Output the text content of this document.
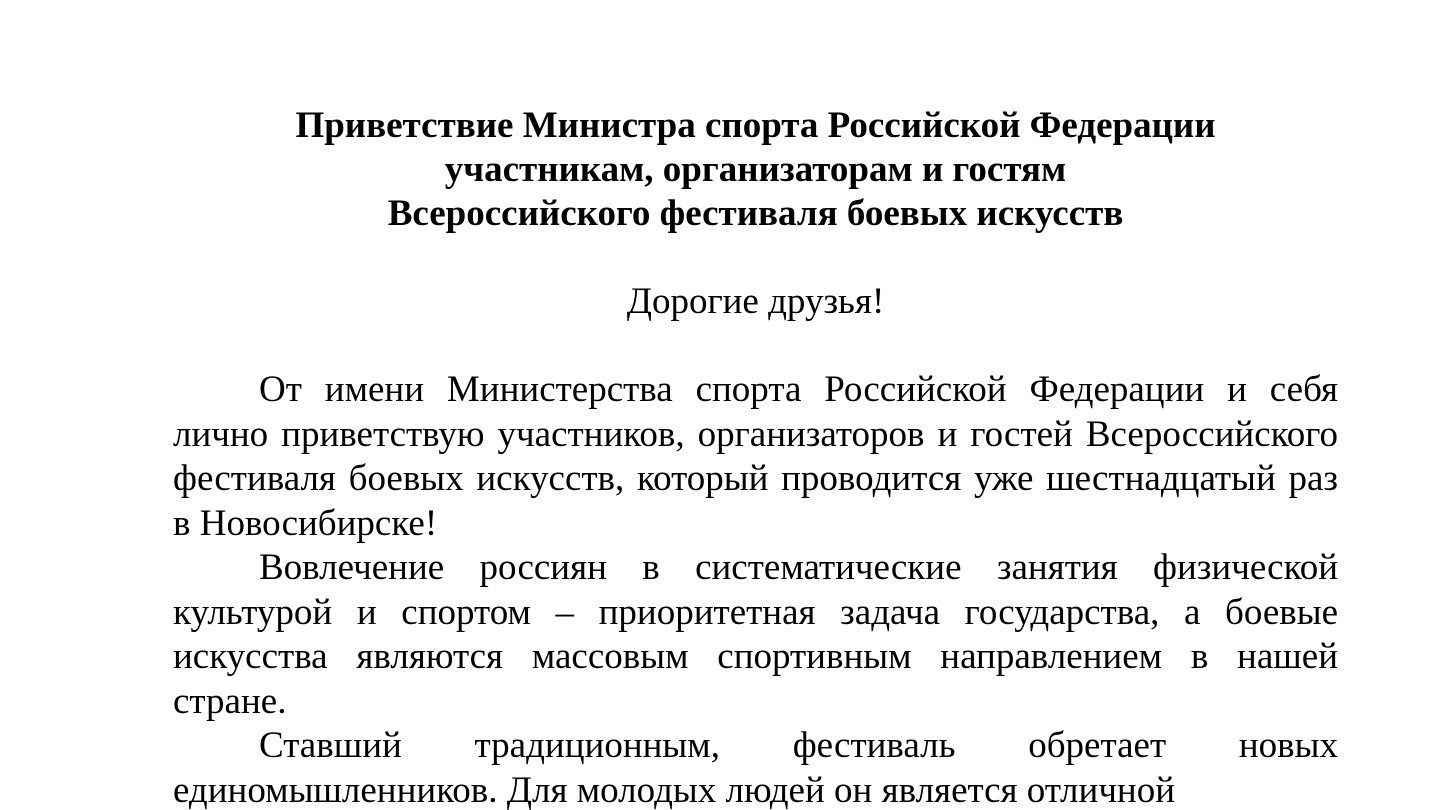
Приветствие Министра спорта Российской Федерации
участникам, организаторам и гостям
Всероссийского фестиваля боевых искусств

Дорогие друзья!

От имени Министерства спорта Российской Федерации и себя лично приветствую участников, организаторов и гостей Всероссийского фестиваля боевых искусств, который проводится уже шестнадцатый раз в Новосибирске!

Вовлечение россиян в систематические занятия физической культурой и спортом – приоритетная задача государства, а боевые искусства являются массовым спортивным направлением в нашей стране.

Ставший традиционным, фестиваль обретает новых единомышленников. Для молодых людей он является отличной
